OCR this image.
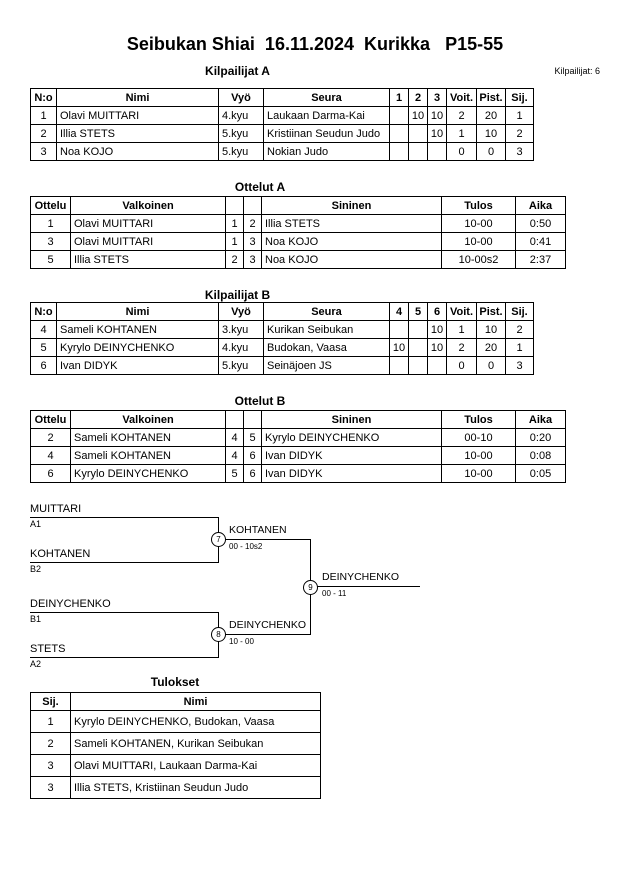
Seibukan Shiai  16.11.2024  Kurikka   P15-55
Kilpailijat: 6
Kilpailijat A
N:o	Nimi	Vyö	Seura	1	2	3	Voit.	Pist.	Sij.
1	Olavi MUITTARI	4.kyu	Laukaan Darma-Kai		10	10	2	20	1
2	Illia STETS	5.kyu	Kristiinan Seudun Judo			10	1	10	2
3	Noa KOJO	5.kyu	Nokian Judo				0	0	3
Ottelut A
Ottelu	Valkoinen			Sininen	Tulos	Aika
1	Olavi MUITTARI	1	2	Illia STETS	10-00	0:50
3	Olavi MUITTARI	1	3	Noa KOJO	10-00	0:41
5	Illia STETS	2	3	Noa KOJO	10-00s2	2:37
Kilpailijat B
N:o	Nimi	Vyö	Seura	4	5	6	Voit.	Pist.	Sij.
4	Sameli KOHTANEN	3.kyu	Kurikan Seibukan			10	1	10	2
5	Kyrylo DEINYCHENKO	4.kyu	Budokan, Vaasa	10		10	2	20	1
6	Ivan DIDYK	5.kyu	Seinäjoen JS				0	0	3
Ottelut B
Ottelu	Valkoinen			Sininen	Tulos	Aika
2	Sameli KOHTANEN	4	5	Kyrylo DEINYCHENKO	00-10	0:20
4	Sameli KOHTANEN	4	6	Ivan DIDYK	10-00	0:08
6	Kyrylo DEINYCHENKO	5	6	Ivan DIDYK	10-00	0:05
MUITTARI
A1
KOHTANEN
B2
7
KOHTANEN
00 - 10s2
DEINYCHENKO
B1
STETS
A2
8
DEINYCHENKO
10 - 00
9
DEINYCHENKO
00 - 11
Tulokset
Sij.	Nimi
1	Kyrylo DEINYCHENKO, Budokan, Vaasa
2	Sameli KOHTANEN, Kurikan Seibukan
3	Olavi MUITTARI, Laukaan Darma-Kai
3	Illia STETS, Kristiinan Seudun Judo
